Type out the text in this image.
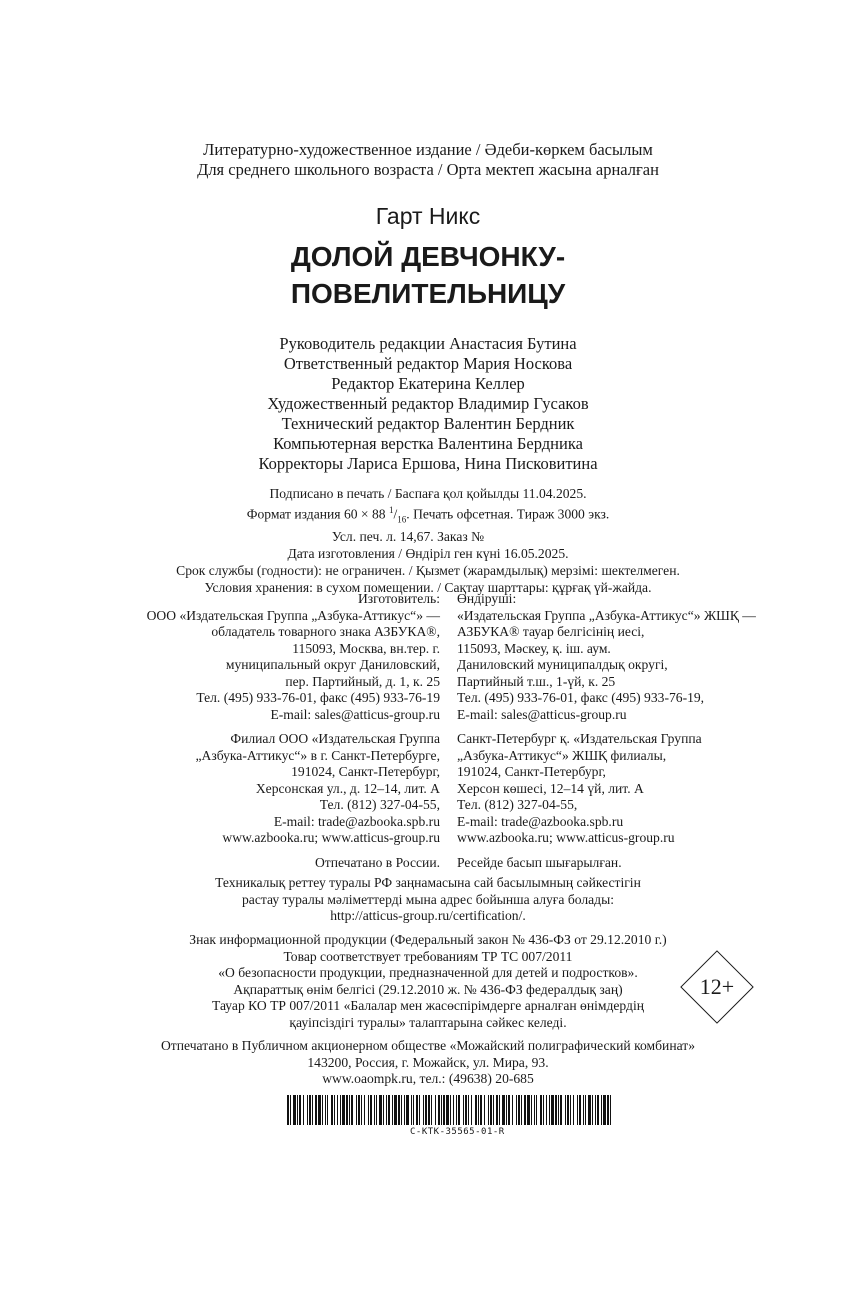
Литературно-художественное издание / Әдеби-көркем басылым
Для среднего школьного возраста / Орта мектеп жасына арналған
Гарт Никс
ДОЛОЙ ДЕВЧОНКУ-
ПОВЕЛИТЕЛЬНИЦУ
Руководитель редакции Анастасия Бутина
Ответственный редактор Мария Носкова
Редактор Екатерина Келлер
Художественный редактор Владимир Гусаков
Технический редактор Валентин Бердник
Компьютерная верстка Валентина Бердника
Корректоры Лариса Ершова, Нина Писковитина
Подписано в печать / Баспаға қол қойылды 11.04.2025.
Формат издания 60 × 88 $^1/_{16}$. Печать офсетная. Тираж 3000 экз.
Усл. печ. л. 14,67. Заказ №
Дата изготовления / Өндіріл ген күні 16.05.2025.
Срок службы (годности): не ограничен. / Қызмет (жарамдылық) мерзімі: шектелмеген.
Условия хранения: в сухом помещении. / Сақтау шарттары: құрғақ үй-жайда.
Изготовитель:
ООО «Издательская Группа „Азбука-Аттикус“» —
обладатель товарного знака АЗБУКА®,
115093, Москва, вн.тер. г.
муниципальный округ Даниловский,
пер. Партийный, д. 1, к. 25
Тел. (495) 933-76-01, факс (495) 933-76-19
E-mail: sales@atticus-group.ru
Филиал ООО «Издательская Группа
„Азбука-Аттикус“» в г. Санкт-Петербурге,
191024, Санкт-Петербург,
Херсонская ул., д. 12–14, лит. А
Тел. (812) 327-04-55,
E-mail: trade@azbooka.spb.ru
www.azbooka.ru; www.atticus-group.ru
Отпечатано в России.
Өндіруші:
«Издательская Группа „Азбука-Аттикус“» ЖШҚ —
АЗБУКА® тауар белгісінің иесі,
115093, Мәскеу, қ. іш. аум.
Даниловский муниципалдық округі,
Партийный т.ш., 1-үй, к. 25
Тел. (495) 933-76-01, факс (495) 933-76-19,
E-mail: sales@atticus-group.ru
Санкт-Петербург қ. «Издательская Группа
„Азбука-Аттикус“» ЖШҚ филиалы,
191024, Санкт-Петербург,
Херсон көшесі, 12–14 үй, лит. А
Тел. (812) 327-04-55,
E-mail: trade@azbooka.spb.ru
www.azbooka.ru; www.atticus-group.ru
Ресейде басып шығарылған.
Техникалық реттеу туралы РФ заңнамасына сай басылымның сәйкестігін
растау туралы мәліметтерді мына адрес бойынша алуға болады:
http://atticus-group.ru/certification/.
Знак информационной продукции (Федеральный закон № 436-ФЗ от 29.12.2010 г.)
Товар соответствует требованиям ТР ТС 007/2011
«О безопасности продукции, предназначенной для детей и подростков».
Ақпараттық өнім белгісі (29.12.2010 ж. № 436-ФЗ федералдық заң)
Тауар КО ТР 007/2011 «Балалар мен жасөспірімдерге арналған өнімдердің
қауіпсіздігі туралы» талаптарына сәйкес келеді.
12+
Отпечатано в Публичном акционерном обществе «Можайский полиграфический комбинат»
143200, Россия, г. Можайск, ул. Мира, 93.
www.oaompk.ru, тел.: (49638) 20-685
С-КТК-35565-01-R
